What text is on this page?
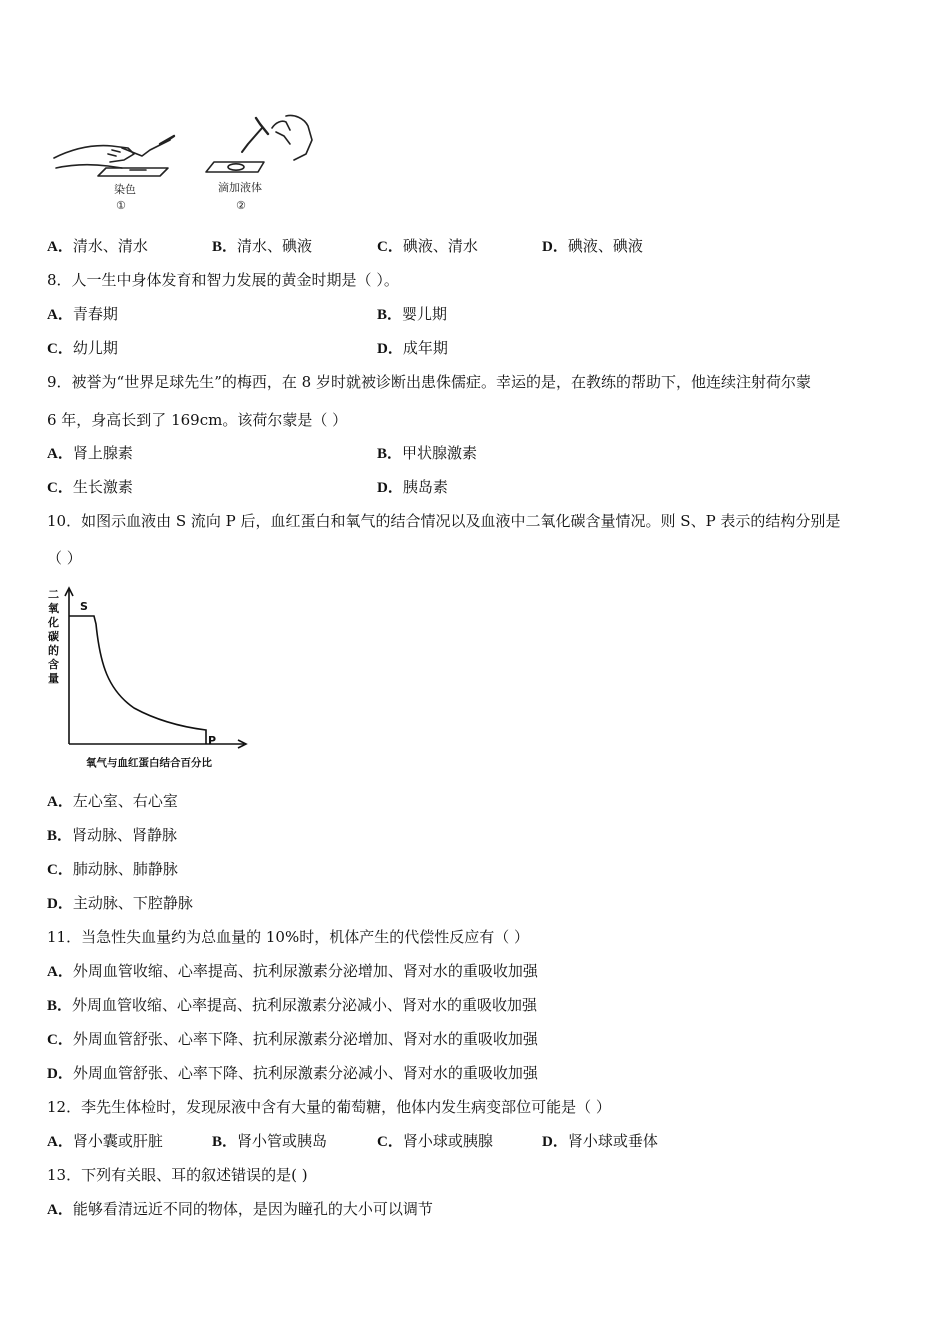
染色
①
滴加液体
②
A．清水、清水	B．清水、碘液	C．碘液、清水	D．碘液、碘液
8．人一生中身体发育和智力发展的黄金时期是（ ）。
A．青春期	B．婴儿期
C．幼儿期	D．成年期
9．被誉为“世界足球先生”的梅西，在 8 岁时就被诊断出患侏儒症。幸运的是，在教练的帮助下，他连续注射荷尔蒙
6 年，身高长到了 169cm。该荷尔蒙是（ ）
A．肾上腺素	B．甲状腺激素
C．生长激素	D．胰岛素
10．如图示血液由 S 流向 P 后，血红蛋白和氧气的结合情况以及血液中二氧化碳含量情况。则 S、P 表示的结构分别是
（ ）
二氧化碳的含量
S
P
氧气与血红蛋白结合百分比
A．左心室、右心室
B．肾动脉、肾静脉
C．肺动脉、肺静脉
D．主动脉、下腔静脉
11．当急性失血量约为总血量的 10%时，机体产生的代偿性反应有（ ）
A．外周血管收缩、心率提高、抗利尿激素分泌增加、肾对水的重吸收加强
B．外周血管收缩、心率提高、抗利尿激素分泌减小、肾对水的重吸收加强
C．外周血管舒张、心率下降、抗利尿激素分泌增加、肾对水的重吸收加强
D．外周血管舒张、心率下降、抗利尿激素分泌减小、肾对水的重吸收加强
12．李先生体检时，发现尿液中含有大量的葡萄糖，他体内发生病变部位可能是（ ）
A．肾小囊或肝脏	B．肾小管或胰岛	C．肾小球或胰腺	D．肾小球或垂体
13．下列有关眼、耳的叙述错误的是( )
A．能够看清远近不同的物体，是因为瞳孔的大小可以调节
